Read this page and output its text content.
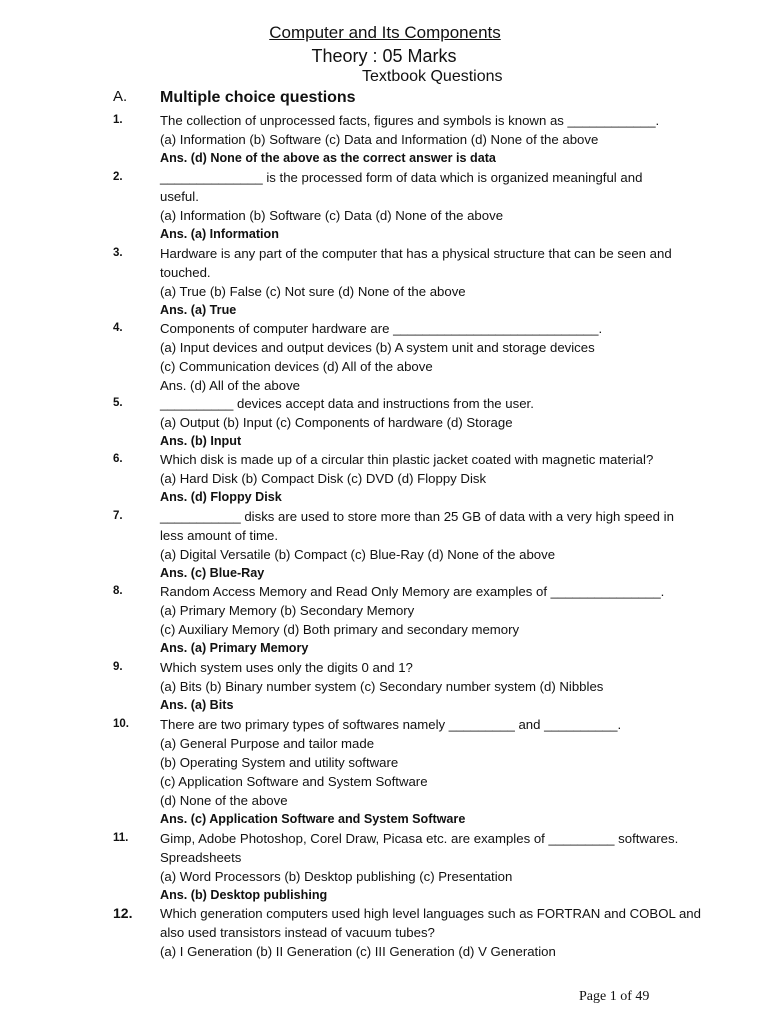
Computer and Its Components
Theory : 05 Marks
Textbook Questions
A. Multiple choice questions
1.	The collection of unprocessed facts, figures and symbols is known as ____________.
(a) Information (b) Software (c) Data and Information (d) None of the above
Ans. (d) None of the above as the correct answer is data
2.	______________ is the processed form of data which is organized meaningful and
useful.
(a) Information (b) Software (c) Data (d) None of the above
Ans. (a) Information
3.	Hardware is any part of the computer that has a physical structure that can be seen and
touched.
(a) True (b) False (c) Not sure (d) None of the above
Ans. (a) True
4.	Components of computer hardware are ____________________________.
(a) Input devices and output devices (b) A system unit and storage devices
(c) Communication devices (d) All of the above
Ans. (d) All of the above
5.	__________ devices accept data and instructions from the user.
(a) Output (b) Input (c) Components of hardware (d) Storage
Ans. (b) Input
6.	Which disk is made up of a circular thin plastic jacket coated with magnetic material?
(a) Hard Disk (b) Compact Disk (c) DVD (d) Floppy Disk
Ans. (d) Floppy Disk
7.	___________ disks are used to store more than 25 GB of data with a very high speed in
less amount of time.
(a) Digital Versatile (b) Compact (c) Blue-Ray (d) None of the above
Ans. (c) Blue-Ray
8.	Random Access Memory and Read Only Memory are examples of _______________.
(a) Primary Memory (b) Secondary Memory
(c) Auxiliary Memory (d) Both primary and secondary memory
Ans. (a) Primary Memory
9.	Which system uses only the digits 0 and 1?
(a) Bits (b) Binary number system (c) Secondary number system (d) Nibbles
Ans. (a) Bits
10. There are two primary types of softwares namely _________ and __________.
(a) General Purpose and tailor made
(b) Operating System and utility software
(c) Application Software and System Software
(d) None of the above
Ans. (c) Application Software and System Software
11. Gimp, Adobe Photoshop, Corel Draw, Picasa etc. are examples of _________ softwares.
Spreadsheets
(a) Word Processors (b) Desktop publishing (c) Presentation
Ans. (b) Desktop publishing
12. Which generation computers used high level languages such as FORTRAN and COBOL and
also used transistors instead of vacuum tubes?
(a) I Generation (b) II Generation (c) III Generation (d) V Generation
Page 1 of 49
